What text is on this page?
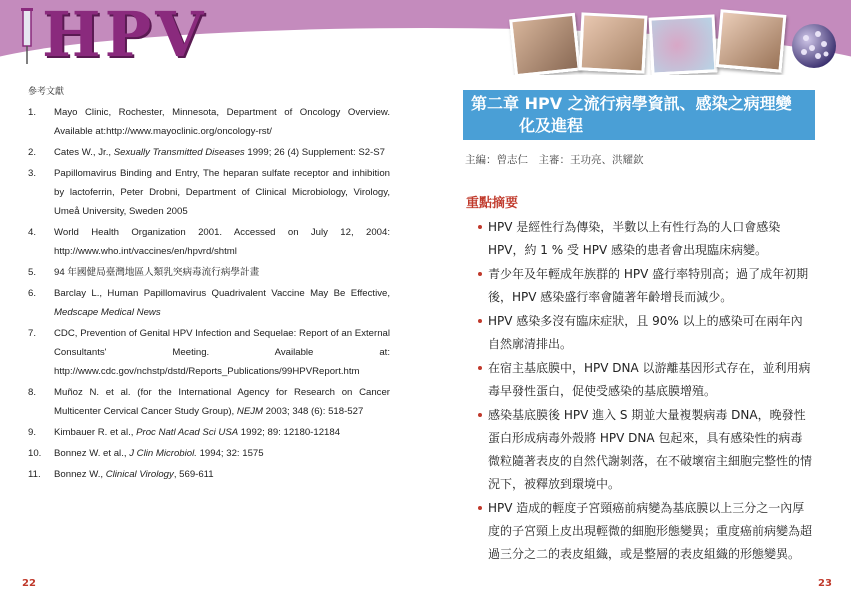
HPV
參考文獻
1. Mayo Clinic, Rochester, Minnesota, Department of Oncology Overview. Available at:http://www.mayoclinic.org/oncology-rst/
2. Cates W., Jr., Sexually Transmitted Diseases 1999; 26 (4) Supplement: S2-S7
3. Papillomavirus Binding and Entry, The heparan sulfate receptor and inhibition by lactoferrin, Peter Drobni, Department of Clinical Microbiology, Virology, Umeå University, Sweden 2005
4. World Health Organization 2001. Accessed on July 12, 2004: http://www.who.int/vaccines/en/hpvrd/shtml
5. 94 年國健局臺灣地區人類乳突病毒流行病學計畫
6. Barclay L., Human Papillomavirus Quadrivalent Vaccine May Be Effective, Medscape Medical News
7. CDC, Prevention of Genital HPV Infection and Sequelae: Report of an External Consultants' Meeting. Available at: http://www.cdc.gov/nchstp/dstd/Reports_Publications/99HPVReport.htm
8. Muñoz N. et al. (for the International Agency for Research on Cancer Multicenter Cervical Cancer Study Group), NEJM 2003; 348 (6): 518-527
9. Kimbauer R. et al., Proc Natl Acad Sci USA 1992; 89: 12180-12184
10. Bonnez W. et al., J Clin Microbiol. 1994; 32: 1575
11. Bonnez W., Clinical Virology, 569-611
第二章 HPV 之流行病學資訊、感染之病理變
化及進程
主編：曾志仁　主審：王功亮、洪耀欽
重點摘要
HPV 是經性行為傳染，半數以上有性行為的人口會感染 HPV，約 1 % 受 HPV 感染的患者會出現臨床病變。
青少年及年輕成年族群的 HPV 盛行率特別高；過了成年初期後，HPV 感染盛行率會隨著年齡增長而減少。
HPV 感染多沒有臨床症狀，且 90% 以上的感染可在兩年內自然廓清排出。
在宿主基底膜中，HPV DNA 以游離基因形式存在，並利用病毒早發性蛋白，促使受感染的基底膜增殖。
感染基底膜後 HPV 進入 S 期並大量複製病毒 DNA，晚發性蛋白形成病毒外殼將 HPV DNA 包起來，具有感染性的病毒微粒隨著表皮的自然代謝剝落，在不破壞宿主細胞完整性的情況下，被釋放到環境中。
HPV 造成的輕度子宮頸癌前病變為基底膜以上三分之一內厚度的子宮頸上皮出現輕微的細胞形態變異；重度癌前病變為超過三分之二的表皮組織，或是整層的表皮組織的形態變異。
22	23
